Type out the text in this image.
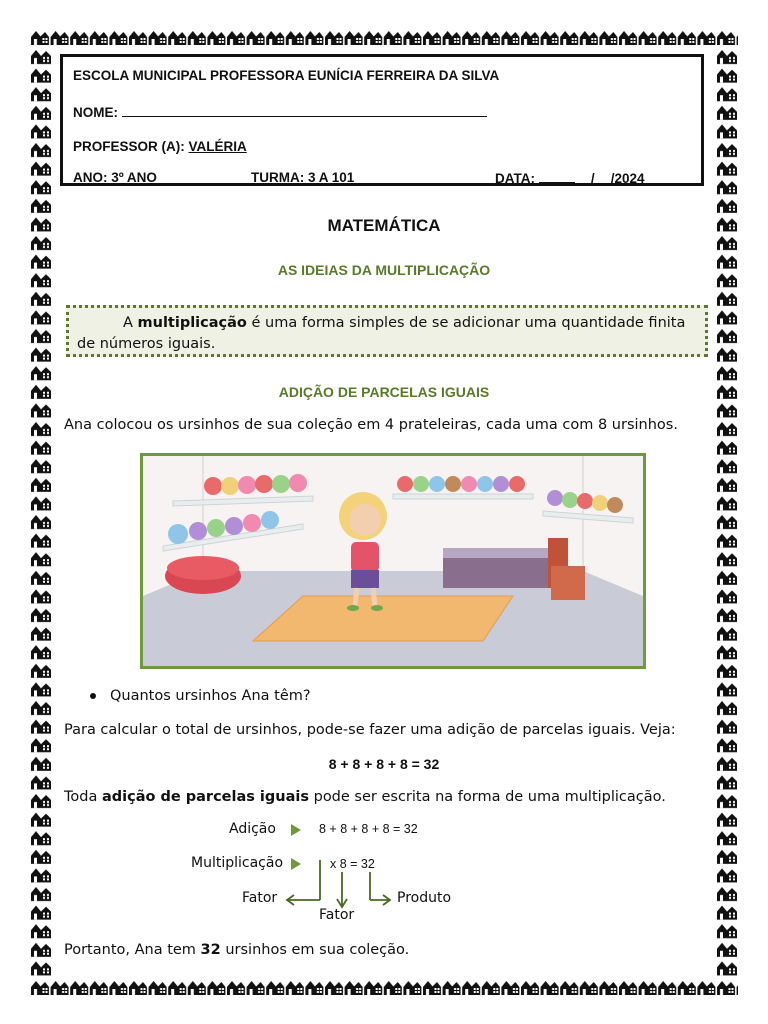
ESCOLA MUNICIPAL PROFESSORA EUNÍCIA FERREIRA DA SILVA
NOME:
PROFESSOR (A): VALÉRIA
ANO: 3º ANO	TURMA: 3 A 101	DATA:	/ /2024
MATEMÁTICA
AS IDEIAS DA MULTIPLICAÇÃO
A multiplicação é uma forma simples de se adicionar uma quantidade finita de números iguais.
ADIÇÃO DE PARCELAS IGUAIS
Ana colocou os ursinhos de sua coleção em 4 prateleiras, cada uma com 8 ursinhos.
Quantos ursinhos Ana têm?
Para calcular o total de ursinhos, pode-se fazer uma adição de parcelas iguais. Veja:
8 + 8 + 8 + 8 = 32
Toda adição de parcelas iguais pode ser escrita na forma de uma multiplicação.
Adição	8 + 8 + 8 + 8 = 32
Multiplicação	x 8 = 32
Fator
Fator
Produto
Portanto, Ana tem 32 ursinhos em sua coleção.
